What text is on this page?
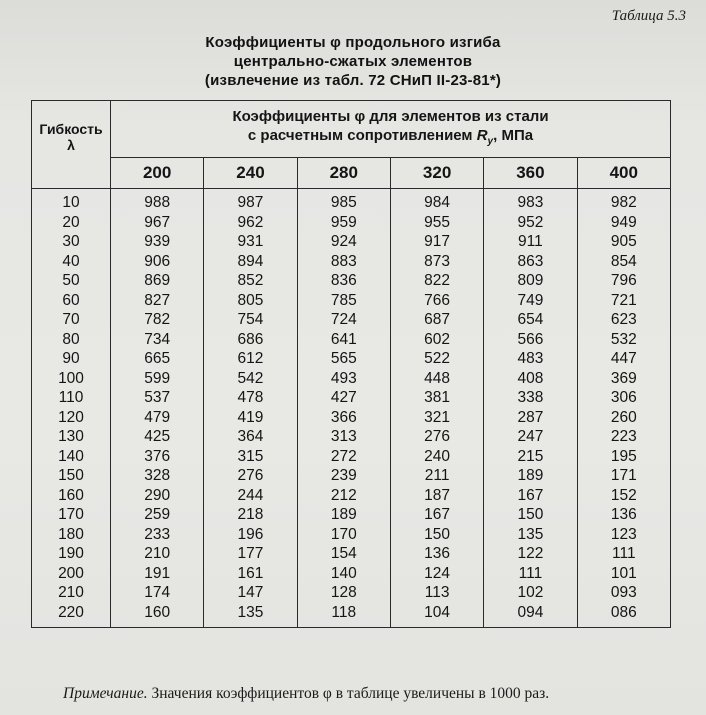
Таблица 5.3
Коэффициенты φ продольного изгиба
центрально-сжатых элементов
(извлечение из табл. 72 СНиП II-23-81*)
Гибкость
λ	Коэффициенты φ для элементов из стали
с расчетным сопротивлением $R_y$, МПа					
	200	240	280	320	360	400

10	988	987	985	984	983	982
20	967	962	959	955	952	949
30	939	931	924	917	911	905
40	906	894	883	873	863	854
50	869	852	836	822	809	796
60	827	805	785	766	749	721
70	782	754	724	687	654	623
80	734	686	641	602	566	532
90	665	612	565	522	483	447
100	599	542	493	448	408	369
110	537	478	427	381	338	306
120	479	419	366	321	287	260
130	425	364	313	276	247	223
140	376	315	272	240	215	195
150	328	276	239	211	189	171
160	290	244	212	187	167	152
170	259	218	189	167	150	136
180	233	196	170	150	135	123
190	210	177	154	136	122	111
200	191	161	140	124	111	101
210	174	147	128	113	102	093
220	160	135	118	104	094	086
Примечание. Значения коэффициентов φ в таблице увеличены в 1000 раз.
